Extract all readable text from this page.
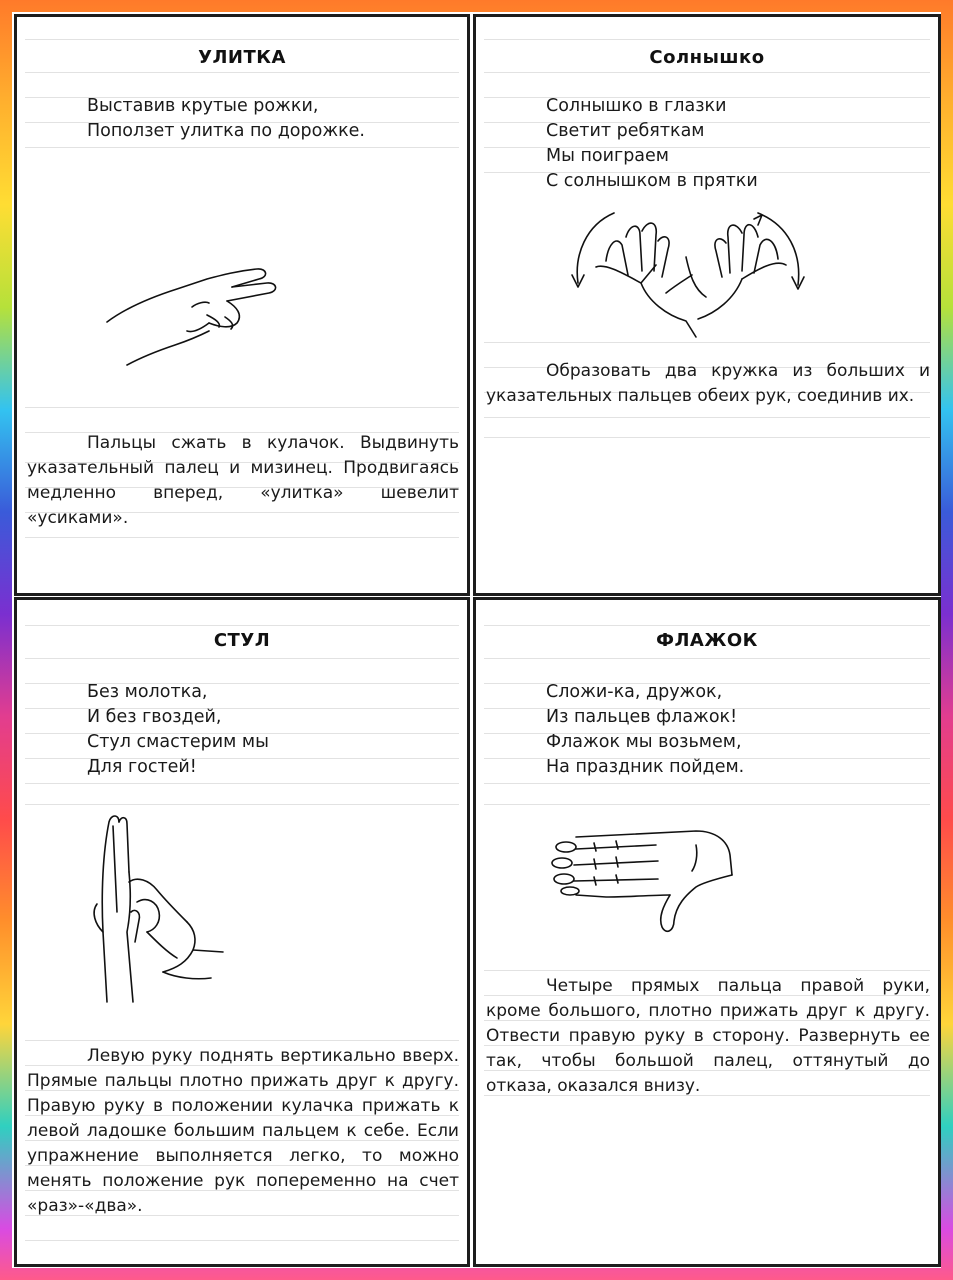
УЛИТКА
Выставив крутые рожки,
Поползет улитка по дорожке.
Пальцы сжать в кулачок. Выдвинуть указательный палец и мизинец. Продвигаясь медленно вперед, «улитка» шевелит «усиками».
Солнышко
Солнышко в глазки
Светит ребяткам
Мы поиграем
С солнышком в прятки
Образовать два кружка из больших и указательных пальцев обеих рук, соединив их.
СТУЛ
Без молотка,
И без гвоздей,
Стул смастерим мы
Для гостей!
Левую руку поднять вертикально вверх. Прямые пальцы плотно прижать друг к другу. Правую руку в положении кулачка прижать к левой ладошке большим пальцем к себе. Если упражнение выполняется легко, то можно менять положение рук попеременно на счет «раз»-«два».
ФЛАЖОК
Сложи-ка, дружок,
Из пальцев флажок!
Флажок мы возьмем,
На праздник пойдем.
Четыре прямых пальца правой руки, кроме большого, плотно прижать друг к другу. Отвести правую руку в сторону. Развернуть ее так, чтобы большой палец, оттянутый до отказа, оказался внизу.
